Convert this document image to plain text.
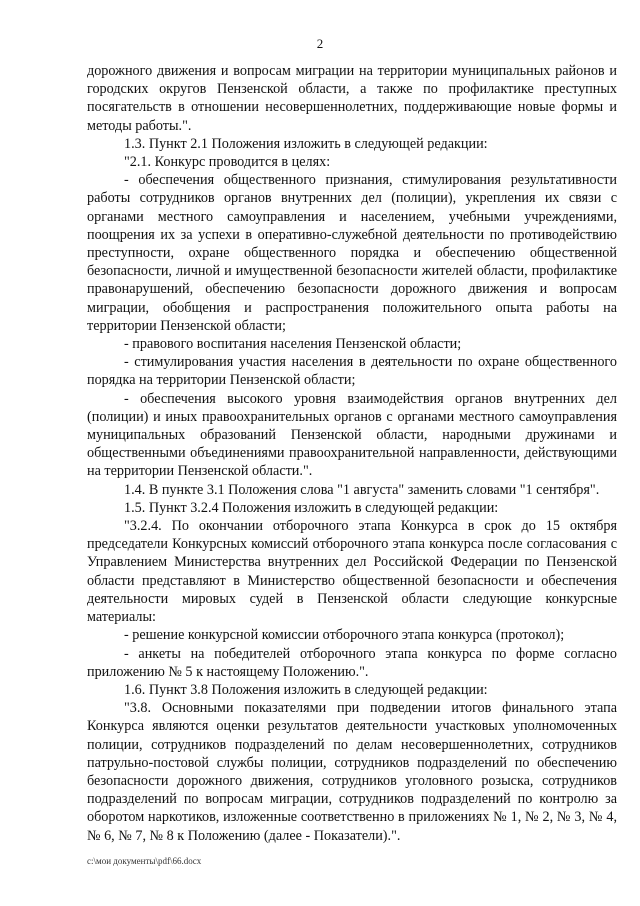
2

дорожного движения и вопросам миграции на территории муниципальных районов и городских округов Пензенской области, а также по профилактике преступных посягательств в отношении несовершеннолетних, поддерживающие новые формы и методы работы.".

1.3. Пункт 2.1 Положения изложить в следующей редакции:

"2.1. Конкурс проводится в целях:

- обеспечения общественного признания, стимулирования результативности работы сотрудников органов внутренних дел (полиции), укрепления их связи с органами местного самоуправления и населением, учебными учреждениями, поощрения их за успехи в оперативно-служебной деятельности по противодействию преступности, охране общественного порядка и обеспечению общественной безопасности, личной и имущественной безопасности жителей области, профилактике правонарушений, обеспечению безопасности дорожного движения и вопросам миграции, обобщения и распространения положительного опыта работы на территории Пензенской области;

- правового воспитания населения Пензенской области;

- стимулирования участия населения в деятельности по охране общественного порядка на территории Пензенской области;

- обеспечения высокого уровня взаимодействия органов внутренних дел (полиции) и иных правоохранительных органов с органами местного самоуправления муниципальных образований Пензенской области, народными дружинами и общественными объединениями правоохранительной направленности, действующими на территории Пензенской области.".

1.4. В пункте 3.1 Положения слова "1 августа" заменить словами "1 сентября".

1.5. Пункт 3.2.4 Положения изложить в следующей редакции:

"3.2.4. По окончании отборочного этапа Конкурса в срок до 15 октября председатели Конкурсных комиссий отборочного этапа конкурса после согласования с Управлением Министерства внутренних дел Российской Федерации по Пензенской области представляют в Министерство общественной безопасности и обеспечения деятельности мировых судей в Пензенской области следующие конкурсные материалы:

- решение конкурсной комиссии отборочного этапа конкурса (протокол);

- анкеты на победителей отборочного этапа конкурса по форме согласно приложению № 5 к настоящему Положению.".

1.6. Пункт 3.8 Положения изложить в следующей редакции:

"3.8. Основными показателями при подведении итогов финального этапа Конкурса являются оценки результатов деятельности участковых уполномоченных полиции, сотрудников подразделений по делам несовершеннолетних, сотрудников патрульно-постовой службы полиции, сотрудников подразделений по обеспечению безопасности дорожного движения, сотрудников уголовного розыска, сотрудников подразделений по вопросам миграции, сотрудников подразделений по контролю за оборотом наркотиков, изложенные соответственно в приложениях № 1, № 2, № 3, № 4, № 6, № 7, № 8 к Положению (далее - Показатели).".

c:\мои документы\pdf\66.docx
